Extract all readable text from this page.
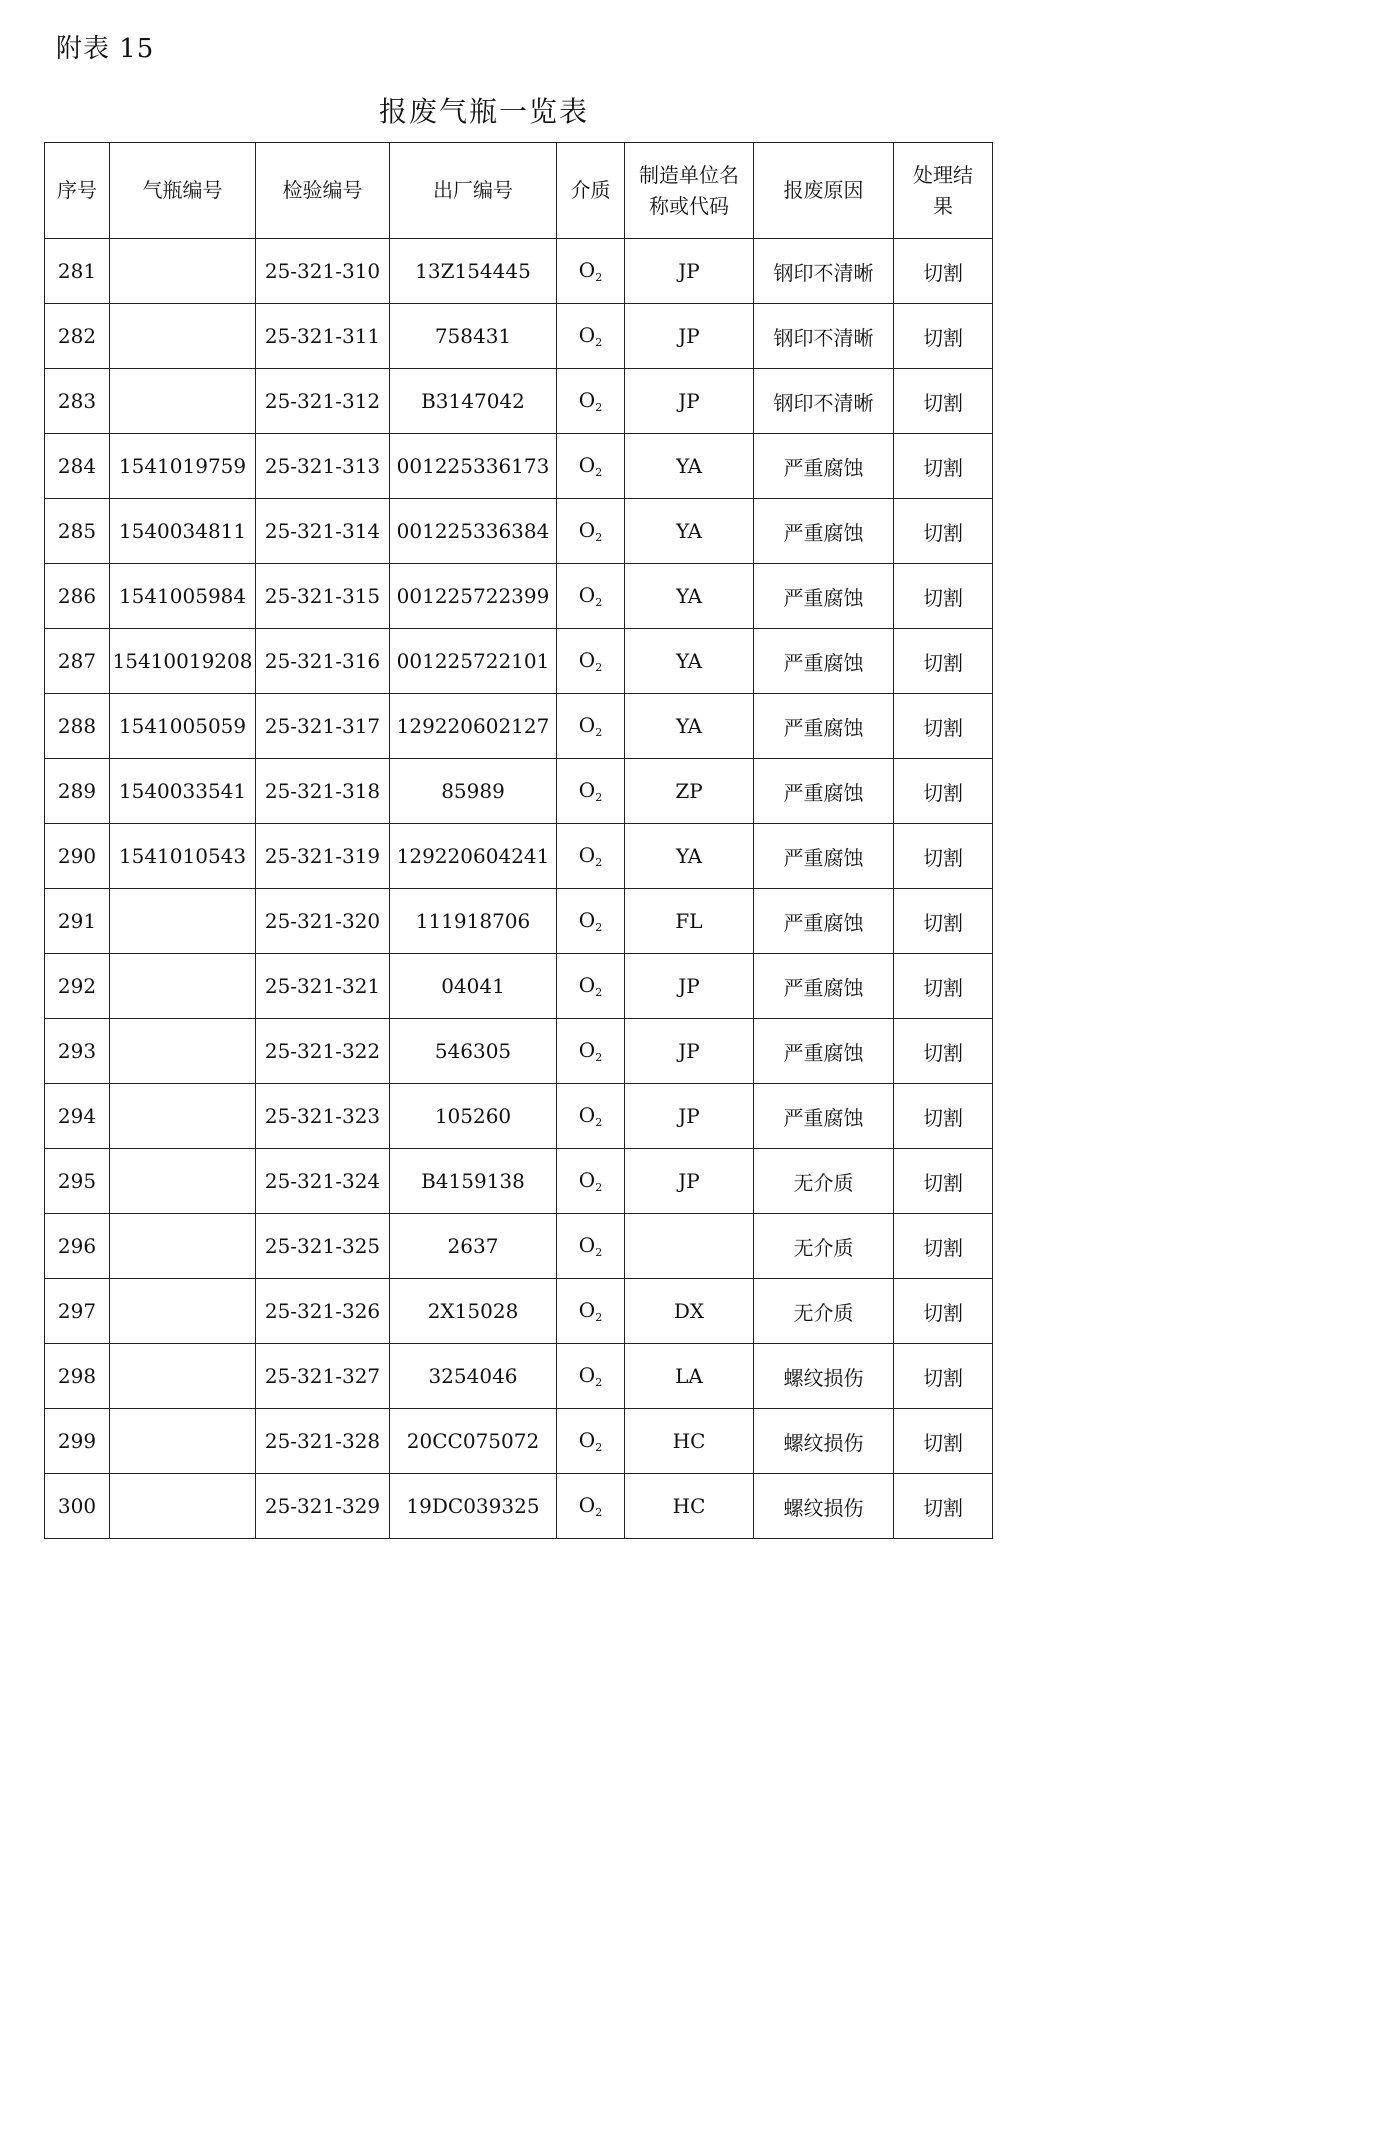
附表 15
报废气瓶一览表
序号	气瓶编号	检验编号	出厂编号	介质	制造单位名称或代码	报废原因	处理结果
281		25-321-310	13Z154445	$O_2$	JP	钢印不清晰	切割
282		25-321-311	758431	$O_2$	JP	钢印不清晰	切割
283		25-321-312	B3147042	$O_2$	JP	钢印不清晰	切割
284	1541019759	25-321-313	001225336173	$O_2$	YA	严重腐蚀	切割
285	1540034811	25-321-314	001225336384	$O_2$	YA	严重腐蚀	切割
286	1541005984	25-321-315	001225722399	$O_2$	YA	严重腐蚀	切割
287	15410019208	25-321-316	001225722101	$O_2$	YA	严重腐蚀	切割
288	1541005059	25-321-317	129220602127	$O_2$	YA	严重腐蚀	切割
289	1540033541	25-321-318	85989	$O_2$	ZP	严重腐蚀	切割
290	1541010543	25-321-319	129220604241	$O_2$	YA	严重腐蚀	切割
291		25-321-320	111918706	$O_2$	FL	严重腐蚀	切割
292		25-321-321	04041	$O_2$	JP	严重腐蚀	切割
293		25-321-322	546305	$O_2$	JP	严重腐蚀	切割
294		25-321-323	105260	$O_2$	JP	严重腐蚀	切割
295		25-321-324	B4159138	$O_2$	JP	无介质	切割
296		25-321-325	2637	$O_2$		无介质	切割
297		25-321-326	2X15028	$O_2$	DX	无介质	切割
298		25-321-327	3254046	$O_2$	LA	螺纹损伤	切割
299		25-321-328	20CC075072	$O_2$	HC	螺纹损伤	切割
300		25-321-329	19DC039325	$O_2$	HC	螺纹损伤	切割
